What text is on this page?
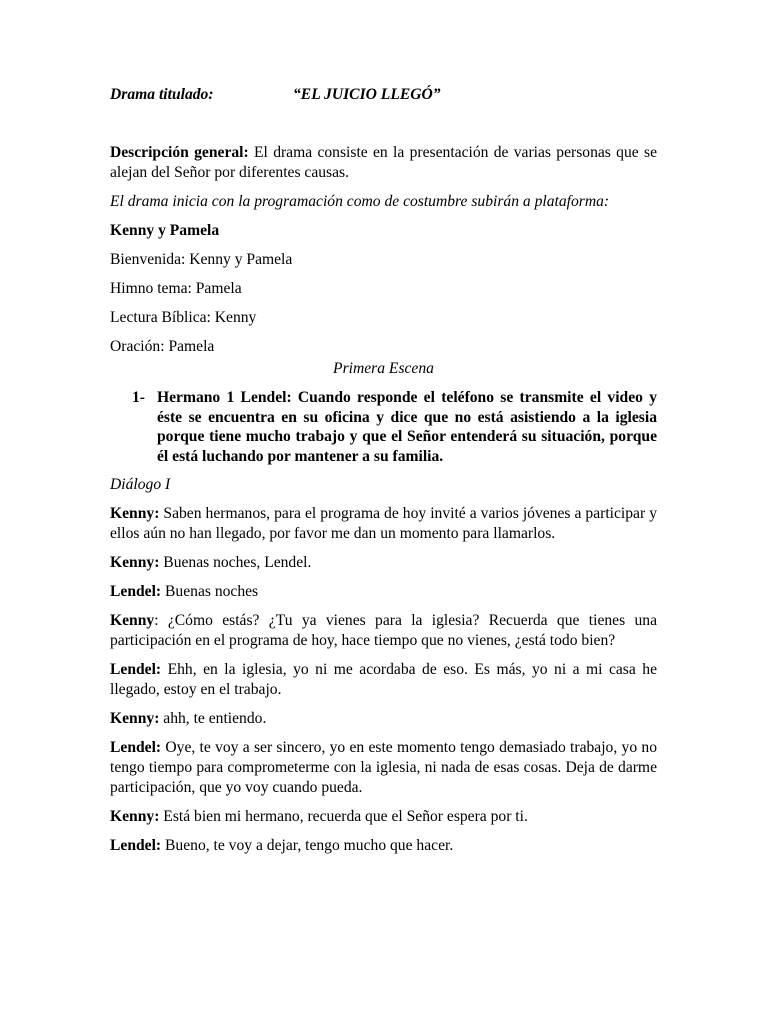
Drama titulado:	“EL JUICIO LLEGÓ”

Descripción general: El drama consiste en la presentación de varias personas que se alejan del Señor por diferentes causas.

El drama inicia con la programación como de costumbre subirán a plataforma:

Kenny y Pamela

Bienvenida: Kenny y Pamela

Himno tema: Pamela

Lectura Bíblica: Kenny

Oración: Pamela

Primera Escena

1- Hermano 1 Lendel: Cuando responde el teléfono se transmite el video y éste se encuentra en su oficina y dice que no está asistiendo a la iglesia porque tiene mucho trabajo y que el Señor entenderá su situación, porque él está luchando por mantener a su familia.

Diálogo I

Kenny: Saben hermanos, para el programa de hoy invité a varios jóvenes a participar y ellos aún no han llegado, por favor me dan un momento para llamarlos.

Kenny: Buenas noches, Lendel.

Lendel: Buenas noches

Kenny: ¿Cómo estás? ¿Tu ya vienes para la iglesia? Recuerda que tienes una participación en el programa de hoy, hace tiempo que no vienes, ¿está todo bien?

Lendel: Ehh, en la iglesia, yo ni me acordaba de eso. Es más, yo ni a mi casa he llegado, estoy en el trabajo.

Kenny: ahh, te entiendo.

Lendel: Oye, te voy a ser sincero, yo en este momento tengo demasiado trabajo, yo no tengo tiempo para comprometerme con la iglesia, ni nada de esas cosas. Deja de darme participación, que yo voy cuando pueda.

Kenny: Está bien mi hermano, recuerda que el Señor espera por ti.

Lendel: Bueno, te voy a dejar, tengo mucho que hacer.
